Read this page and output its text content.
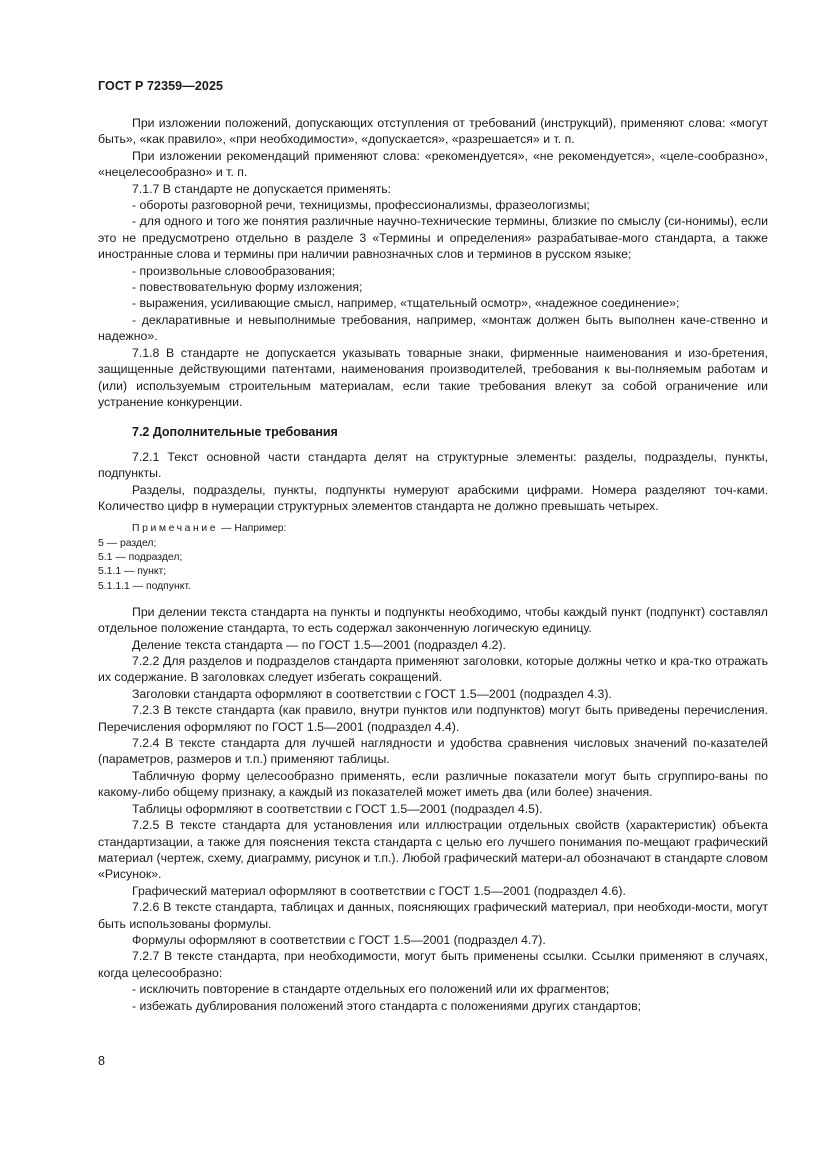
ГОСТ Р 72359—2025

При изложении положений, допускающих отступления от требований (инструкций), применяют слова: «могут быть», «как правило», «при необходимости», «допускается», «разрешается» и т. п.

При изложении рекомендаций применяют слова: «рекомендуется», «не рекомендуется», «целе-сообразно», «нецелесообразно» и т. п.

7.1.7 В стандарте не допускается применять:

- обороты разговорной речи, техницизмы, профессионализмы, фразеологизмы;

- для одного и того же понятия различные научно-технические термины, близкие по смыслу (си-нонимы), если это не предусмотрено отдельно в разделе 3 «Термины и определения» разрабатывае-мого стандарта, а также иностранные слова и термины при наличии равнозначных слов и терминов в русском языке;

- произвольные словообразования;

- повествовательную форму изложения;

- выражения, усиливающие смысл, например, «тщательный осмотр», «надежное соединение»;

- декларативные и невыполнимые требования, например, «монтаж должен быть выполнен каче-ственно и надежно».

7.1.8 В стандарте не допускается указывать товарные знаки, фирменные наименования и изо-бретения, защищенные действующими патентами, наименования производителей, требования к вы-полняемым работам и (или) используемым строительным материалам, если такие требования влекут за собой ограничение или устранение конкуренции.

7.2 Дополнительные требования

7.2.1 Текст основной части стандарта делят на структурные элементы: разделы, подразделы, пункты, подпункты.

Разделы, подразделы, пункты, подпункты нумеруют арабскими цифрами. Номера разделяют точ-ками. Количество цифр в нумерации структурных элементов стандарта не должно превышать четырех.

Примечание — Например:

5 — раздел;

5.1 — подраздел;

5.1.1 — пункт;

5.1.1.1 — подпункт.

При делении текста стандарта на пункты и подпункты необходимо, чтобы каждый пункт (подпункт) составлял отдельное положение стандарта, то есть содержал законченную логическую единицу.

Деление текста стандарта — по ГОСТ 1.5—2001 (подраздел 4.2).

7.2.2 Для разделов и подразделов стандарта применяют заголовки, которые должны четко и кра-тко отражать их содержание. В заголовках следует избегать сокращений.

Заголовки стандарта оформляют в соответствии с ГОСТ 1.5—2001 (подраздел 4.3).

7.2.3 В тексте стандарта (как правило, внутри пунктов или подпунктов) могут быть приведены перечисления. Перечисления оформляют по ГОСТ 1.5—2001 (подраздел 4.4).

7.2.4 В тексте стандарта для лучшей наглядности и удобства сравнения числовых значений по-казателей (параметров, размеров и т.п.) применяют таблицы.

Табличную форму целесообразно применять, если различные показатели могут быть сгруппиро-ваны по какому-либо общему признаку, а каждый из показателей может иметь два (или более) значения.

Таблицы оформляют в соответствии с ГОСТ 1.5—2001 (подраздел 4.5).

7.2.5 В тексте стандарта для установления или иллюстрации отдельных свойств (характеристик) объекта стандартизации, а также для пояснения текста стандарта с целью его лучшего понимания по-мещают графический материал (чертеж, схему, диаграмму, рисунок и т.п.). Любой графический матери-ал обозначают в стандарте словом «Рисунок».

Графический материал оформляют в соответствии с ГОСТ 1.5—2001 (подраздел 4.6).

7.2.6 В тексте стандарта, таблицах и данных, поясняющих графический материал, при необходи-мости, могут быть использованы формулы.

Формулы оформляют в соответствии с ГОСТ 1.5—2001 (подраздел 4.7).

7.2.7 В тексте стандарта, при необходимости, могут быть применены ссылки. Ссылки применяют в случаях, когда целесообразно:

- исключить повторение в стандарте отдельных его положений или их фрагментов;

- избежать дублирования положений этого стандарта с положениями других стандартов;

8
